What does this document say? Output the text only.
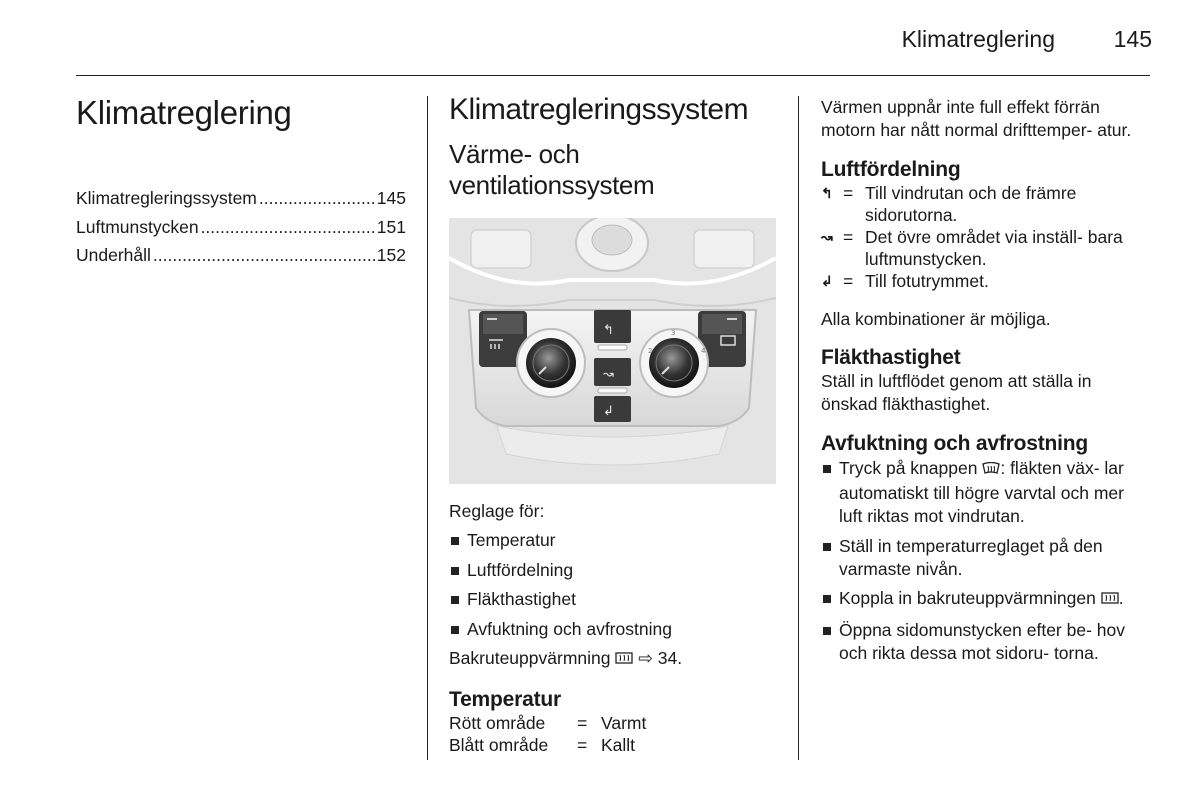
Klimatreglering	145
Klimatreglering
Klimatregleringssystem .....	145
Luftmunstycken .....	151
Underhåll .....	152
Klimatregleringssystem
Värme- och ventilationssystem
3
2	4
↰
↝
↲
Reglage för:
Temperatur
Luftfördelning
Fläkthastighet
Avfuktning och avfrostning
Bakruteuppvärmning ⇨ 34.
Temperatur
Rött område	= Varmt
Blått område	= Kallt
Värmen uppnår inte full effekt förrän motorn har nått normal drifttemper- atur.
Luftfördelning
↰ = Till vindrutan och de främre sidorutorna.
↝ = Det övre området via inställ- bara luftmunstycken.
↲ = Till fotutrymmet.
Alla kombinationer är möjliga.
Fläkthastighet
Ställ in luftflödet genom att ställa in önskad fläkthastighet.
Avfuktning och avfrostning
Tryck på knappen : fläkten väx- lar automatiskt till högre varvtal och mer luft riktas mot vindrutan.
Ställ in temperaturreglaget på den varmaste nivån.
Koppla in bakruteuppvärmningen .
Öppna sidomunstycken efter be- hov och rikta dessa mot sidoru- torna.
